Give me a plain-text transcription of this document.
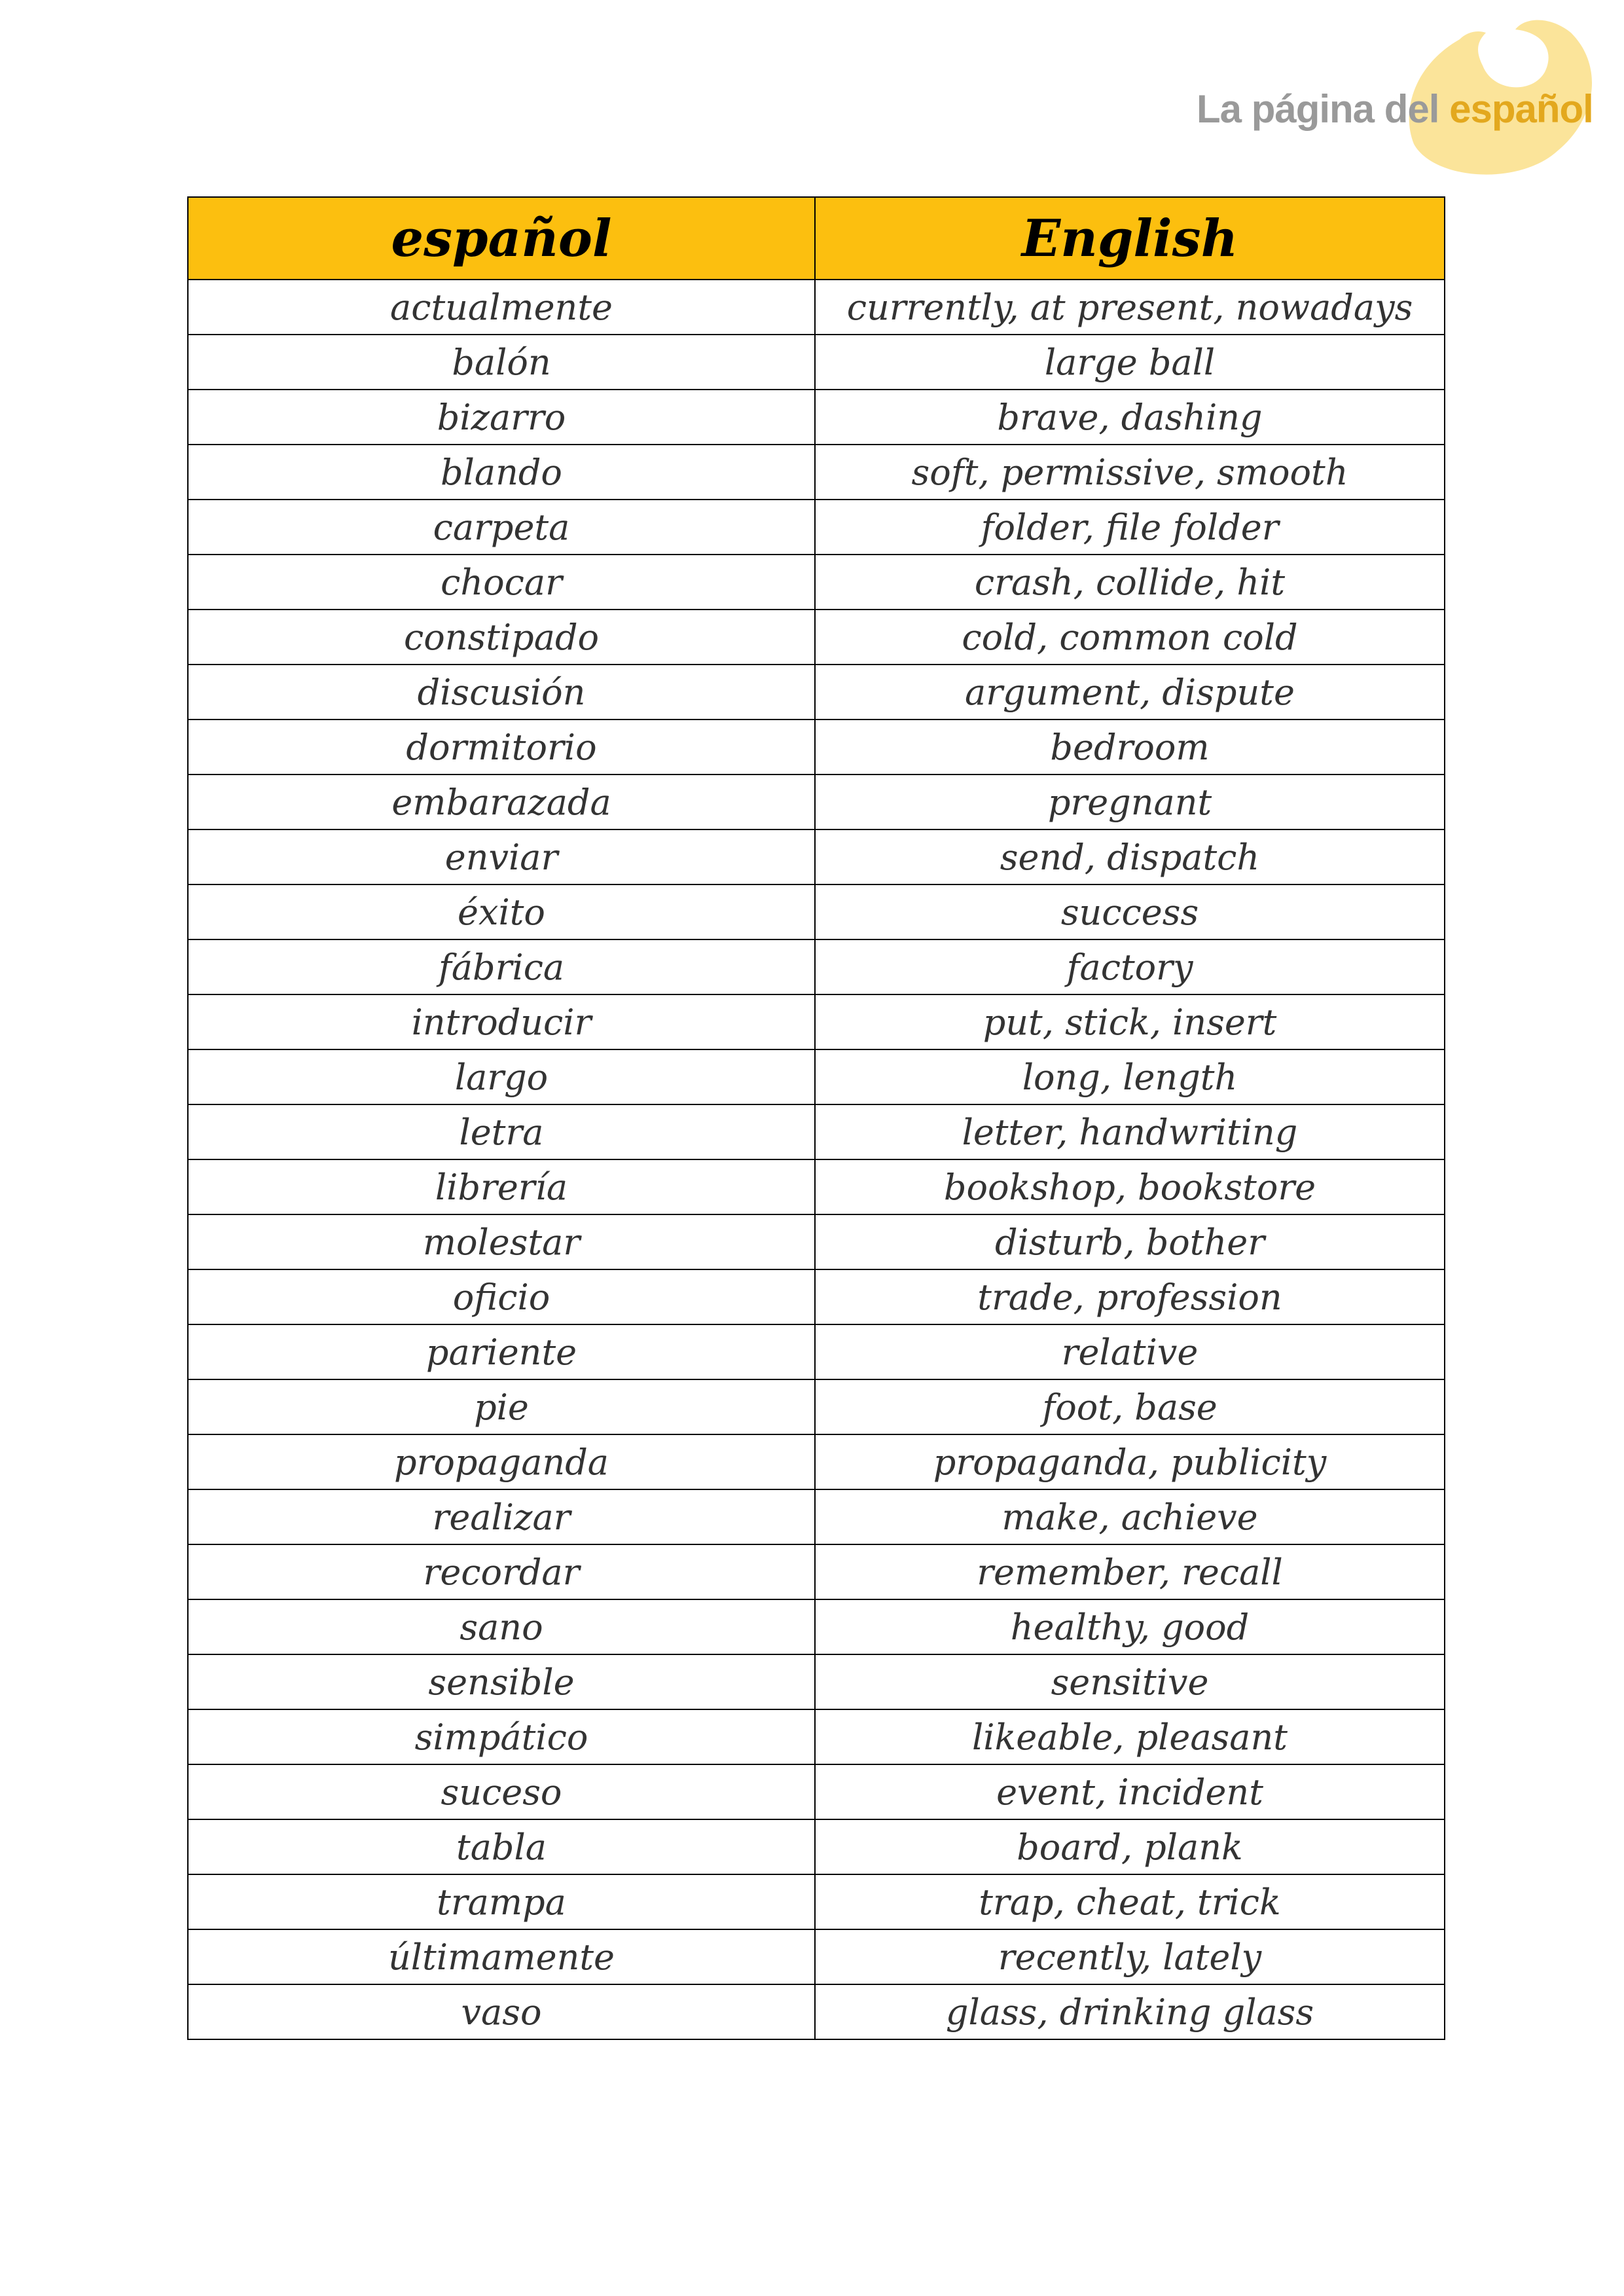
La página del español
español	English
actualmente	currently, at present, nowadays
balón	large ball
bizarro	brave, dashing
blando	soft, permissive, smooth
carpeta	folder, file folder
chocar	crash, collide, hit
constipado	cold, common cold
discusión	argument, dispute
dormitorio	bedroom
embarazada	pregnant
enviar	send, dispatch
éxito	success
fábrica	factory
introducir	put, stick, insert
largo	long, length
letra	letter, handwriting
librería	bookshop, bookstore
molestar	disturb, bother
oficio	trade, profession
pariente	relative
pie	foot, base
propaganda	propaganda, publicity
realizar	make, achieve
recordar	remember, recall
sano	healthy, good
sensible	sensitive
simpático	likeable, pleasant
suceso	event, incident
tabla	board, plank
trampa	trap, cheat, trick
últimamente	recently, lately
vaso	glass, drinking glass
